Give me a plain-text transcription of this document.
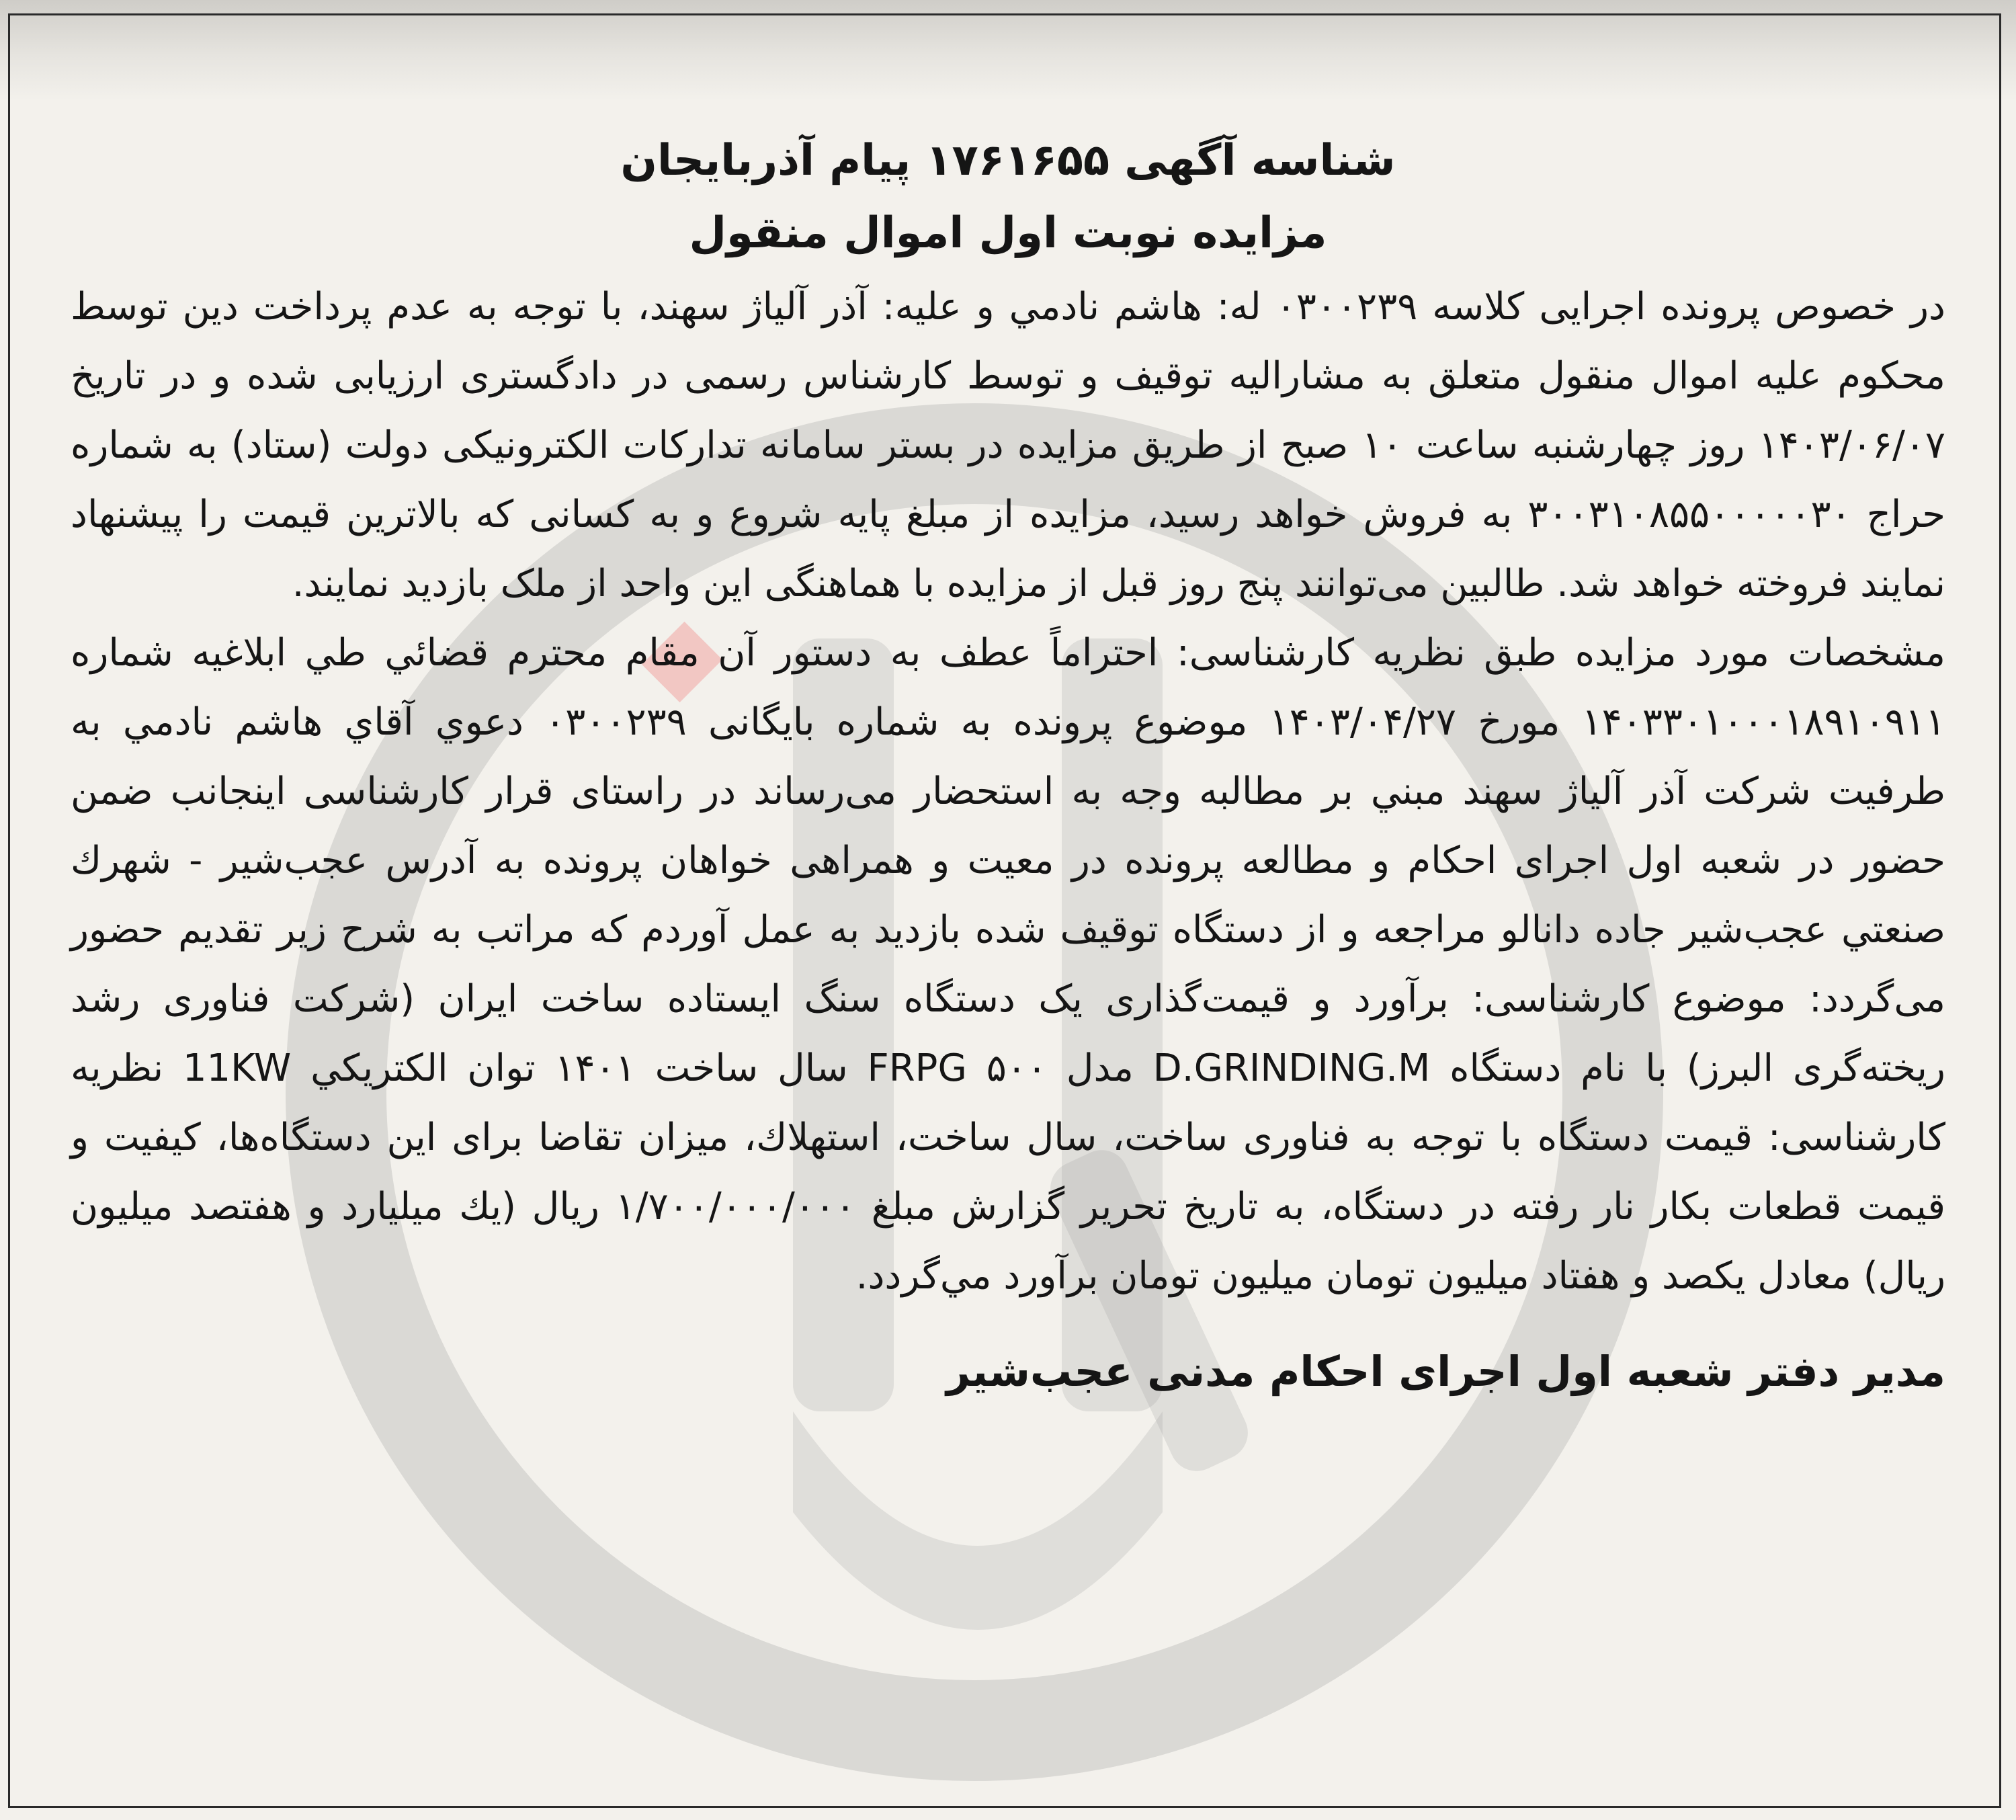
شناسه آگهی ۱۷۶۱۶۵۵ پیام آذربایجان
مزایده نوبت اول اموال منقول

در خصوص پرونده اجرایی کلاسه ۰۳۰۰۲۳۹ له: هاشم نادمي و علیه: آذر آلیاژ سهند، با توجه به عدم پرداخت دین توسط محکوم علیه اموال منقول متعلق به مشارالیه توقیف و توسط کارشناس رسمی در دادگستری ارزیابی شده و در تاریخ ۱۴۰۳/۰۶/۰۷ روز چهارشنبه ساعت ۱۰ صبح از طریق مزایده در بستر سامانه تدارکات الکترونیکی دولت (ستاد) به شماره حراج ۳۰۰۳۱۰۸۵۵۰۰۰۰۰۳۰ به فروش خواهد رسید، مزایده از مبلغ پایه شروع و به کسانی که بالاترین قیمت را پیشنهاد نمایند فروخته خواهد شد. طالبین می‌توانند پنج روز قبل از مزایده با هماهنگی این واحد از ملک بازدید نمایند.

مشخصات مورد مزایده طبق نظریه کارشناسی: احتراماً عطف به دستور آن مقام محترم قضائي طي ابلاغیه شماره ۱۴۰۳۳۰۱۰۰۰۱۸۹۱۰۹۱۱ مورخ ۱۴۰۳/۰۴/۲۷ موضوع پرونده به شماره بایگانی ۰۳۰۰۲۳۹ دعوي آقاي هاشم نادمي به طرفیت شرکت آذر آلیاژ سهند مبني بر مطالبه وجه به استحضار می‌رساند در راستای قرار کارشناسی اینجانب ضمن حضور در شعبه اول اجرای احکام و مطالعه پرونده در معیت و همراهی خواهان پرونده به آدرس عجب‌شیر - شهرك صنعتي عجب‌شیر جاده دانالو مراجعه و از دستگاه توقیف شده بازدید به عمل آوردم که مراتب به شرح زیر تقدیم حضور می‌گردد: موضوع کارشناسی: برآورد و قیمت‌گذاری یک دستگاه سنگ ایستاده ساخت ایران (شرکت فناوری رشد ریخته‌گری البرز) با نام دستگاه D.GRINDING.M مدل ۵۰۰ FRPG سال ساخت ۱۴۰۱ توان الکتریکي 11KW نظریه کارشناسی: قیمت دستگاه با توجه به فناوری ساخت، سال ساخت، استهلاك، میزان تقاضا برای این دستگاه‌ها، کیفیت و قیمت قطعات بکار نار رفته در دستگاه، به تاریخ تحریر گزارش مبلغ ۱/۷۰۰/۰۰۰/۰۰۰ ریال (یك میلیارد و هفتصد میلیون ریال) معادل یکصد و هفتاد میلیون تومان میلیون تومان برآورد مي‌گردد.

مدیر دفتر شعبه اول اجرای احکام مدنی عجب‌شیر
